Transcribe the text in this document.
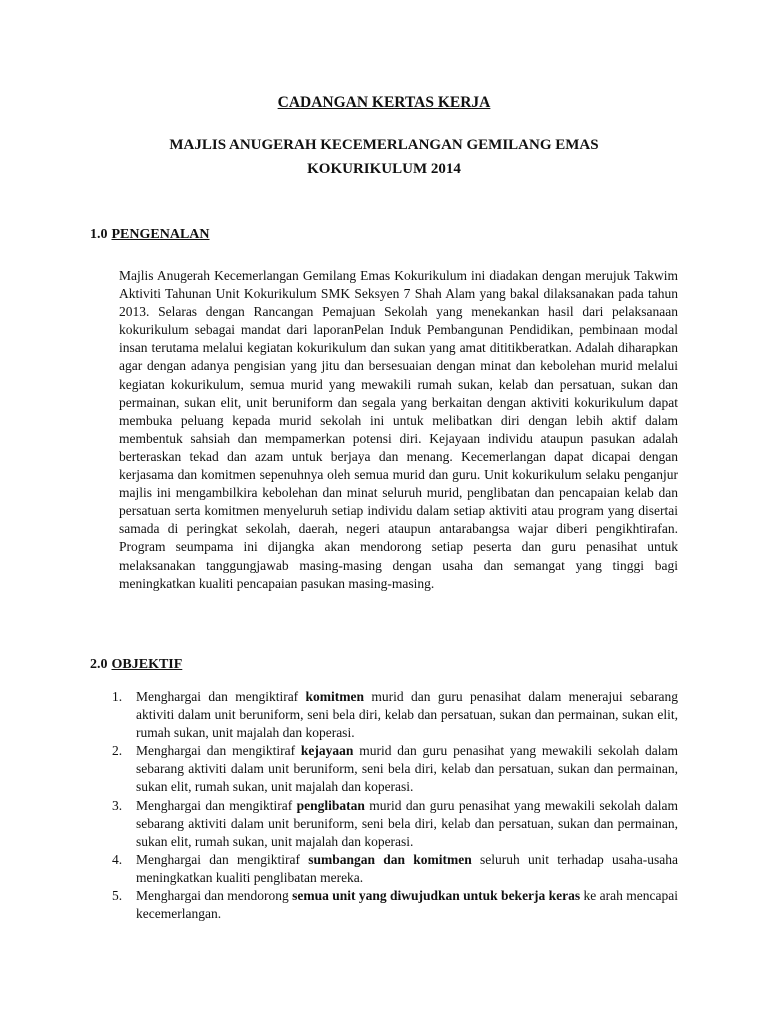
CADANGAN KERTAS KERJA
MAJLIS ANUGERAH KECEMERLANGAN GEMILANG EMAS
KOKURIKULUM 2014
1.0 PENGENALAN

Majlis Anugerah Kecemerlangan Gemilang Emas Kokurikulum ini diadakan dengan merujuk Takwim Aktiviti Tahunan Unit Kokurikulum SMK Seksyen 7 Shah Alam yang bakal dilaksanakan pada tahun 2013. Selaras dengan Rancangan Pemajuan Sekolah yang menekankan hasil dari pelaksanaan kokurikulum sebagai mandat dari laporanPelan Induk Pembangunan Pendidikan, pembinaan modal insan terutama melalui kegiatan kokurikulum dan sukan yang amat dititikberatkan. Adalah diharapkan agar dengan adanya pengisian yang jitu dan bersesuaian dengan minat dan kebolehan murid melalui kegiatan kokurikulum, semua murid yang mewakili rumah sukan, kelab dan persatuan, sukan dan permainan, sukan elit, unit beruniform dan segala yang berkaitan dengan aktiviti kokurikulum dapat membuka peluang kepada murid sekolah ini untuk melibatkan diri dengan lebih aktif dalam membentuk sahsiah dan mempamerkan potensi diri. Kejayaan individu ataupun pasukan adalah berteraskan tekad dan azam untuk berjaya dan menang. Kecemerlangan dapat dicapai dengan kerjasama dan komitmen sepenuhnya oleh semua murid dan guru. Unit kokurikulum selaku penganjur majlis ini mengambilkira kebolehan dan minat seluruh murid, penglibatan dan pencapaian kelab dan persatuan serta komitmen menyeluruh setiap individu dalam setiap aktiviti atau program yang disertai samada di peringkat sekolah, daerah, negeri ataupun antarabangsa wajar diberi pengikhtirafan. Program seumpama ini dijangka akan mendorong setiap peserta dan guru penasihat untuk melaksanakan tanggungjawab masing-masing dengan usaha dan semangat yang tinggi bagi meningkatkan kualiti pencapaian pasukan masing-masing.

2.0 OBJEKTIF
1. Menghargai dan mengiktiraf komitmen murid dan guru penasihat dalam menerajui sebarang aktiviti dalam unit beruniform, seni bela diri, kelab dan persatuan, sukan dan permainan, sukan elit, rumah sukan, unit majalah dan koperasi.
2. Menghargai dan mengiktiraf kejayaan murid dan guru penasihat yang mewakili sekolah dalam sebarang aktiviti dalam unit beruniform, seni bela diri, kelab dan persatuan, sukan dan permainan, sukan elit, rumah sukan, unit majalah dan koperasi.
3. Menghargai dan mengiktiraf penglibatan murid dan guru penasihat yang mewakili sekolah dalam sebarang aktiviti dalam unit beruniform, seni bela diri, kelab dan persatuan, sukan dan permainan, sukan elit, rumah sukan, unit majalah dan koperasi.
4. Menghargai dan mengiktiraf sumbangan dan komitmen seluruh unit terhadap usaha-usaha meningkatkan kualiti penglibatan mereka.
5. Menghargai dan mendorong semua unit yang diwujudkan untuk bekerja keras ke arah mencapai kecemerlangan.
